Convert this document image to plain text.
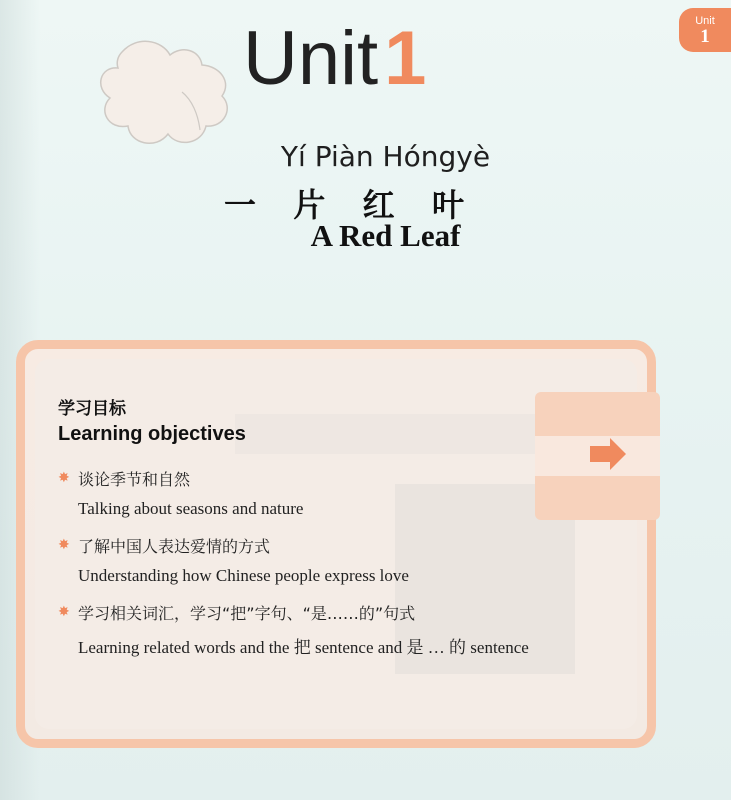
Unit
1
Unit1
Yí Piàn Hóngyè
一 片 红 叶
A Red Leaf
学习目标
Learning objectives
✸ 谈论季节和自然
Talking about seasons and nature
✸ 了解中国人表达爱情的方式
Understanding how Chinese people express love
✸ 学习相关词汇，学习“把”字句、“是……的”句式
Learning related words and the 把 sentence and 是 … 的 sentence
